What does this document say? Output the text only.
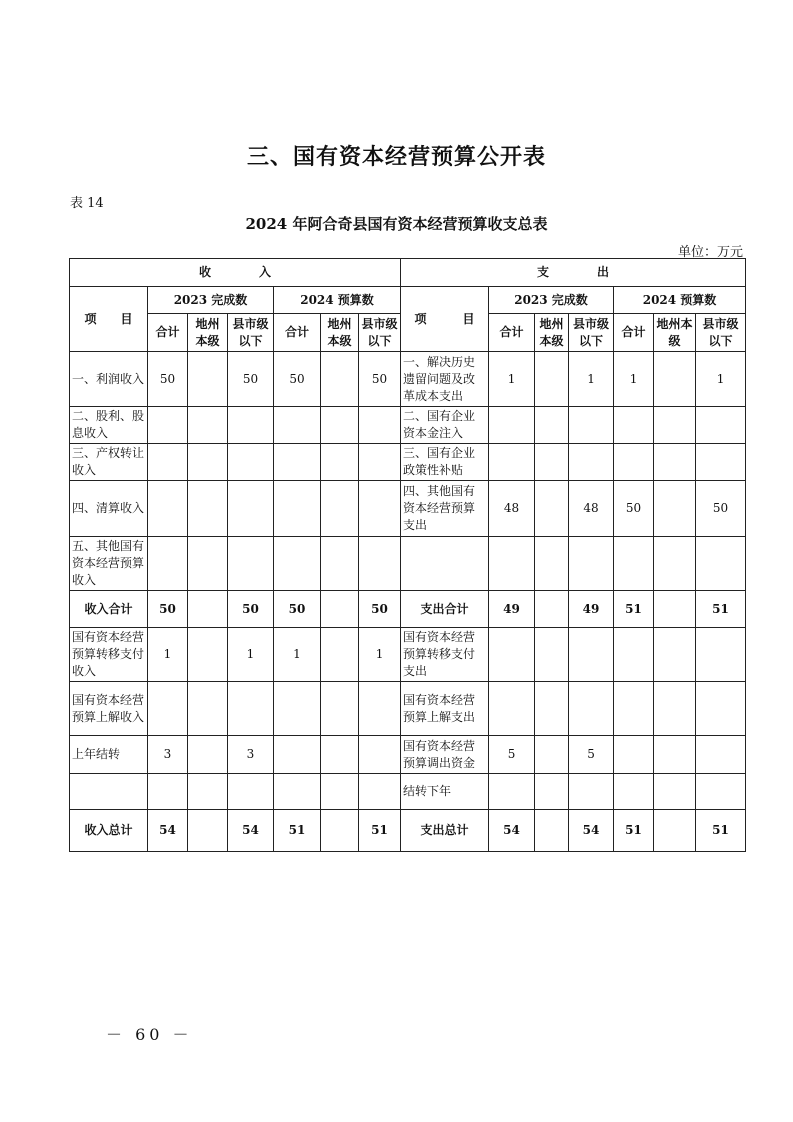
三、国有资本经营预算公开表
表 14
2024 年阿合奇县国有资本经营预算收支总表
单位：万元
收　　　　入							支　　　　出						
项　　目	2023 完成数			2024 预算数			项　　　目	2023 完成数			2024 预算数		
	合计	地州本级	县市级以下	合计	地州本级	县市级以下		合计	地州本级	县市级以下	合计	地州本级	县市级以下
一、利润收入	50		50	50		50	一、解决历史遗留问题及改革成本支出	1		1	1		1
二、股利、股息收入							二、国有企业资本金注入						
三、产权转让收入							三、国有企业政策性补贴						
四、清算收入							四、其他国有资本经营预算支出	48		48	50		50
五、其他国有资本经营预算收入													
收入合计	50		50	50		50	支出合计	49		49	51		51
国有资本经营预算转移支付收入	1		1	1		1	国有资本经营预算转移支付支出						
国有资本经营预算上解收入							国有资本经营预算上解支出						
上年结转	3		3				国有资本经营预算调出资金	5		5			
							结转下年						
收入总计	54		54	51		51	支出总计	54		54	51		51
－ 60 －
